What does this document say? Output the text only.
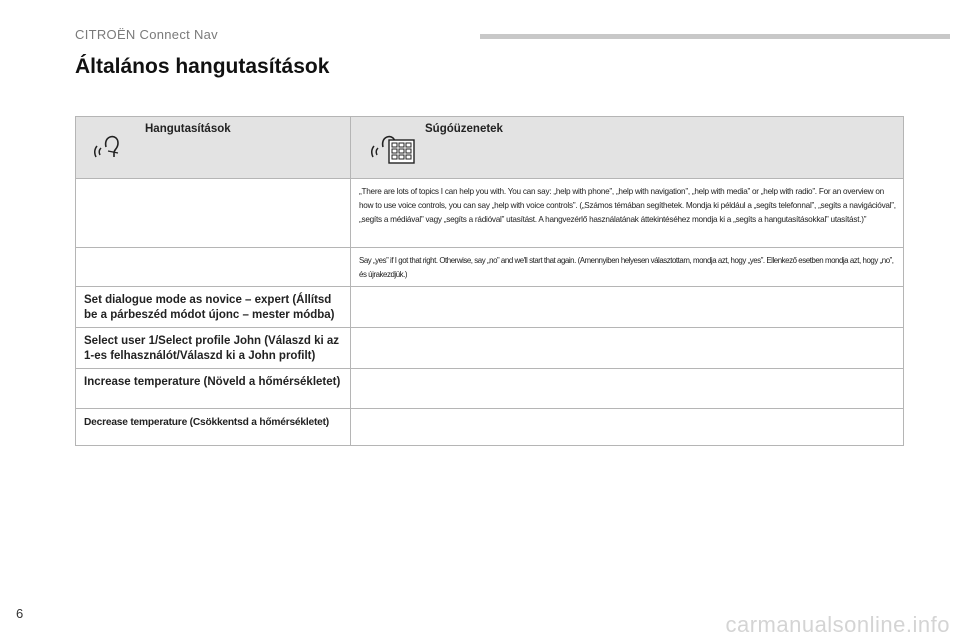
CITROËN Connect Nav
Általános hangutasítások
Hangutasítások	Súgóüzenetek

	„There are lots of topics I can help you with. You can say: „help with phone”, „help with navigation”, „help with media” or „help with radio”. For an overview on how to use voice controls, you can say „help with voice controls”. („Számos témában segíthetek. Mondja ki például a „segíts telefonnal”, „segíts a navigációval”, „segíts a médiával” vagy „segíts a rádióval” utasítást. A hangvezérlő használatának áttekintéséhez mondja ki a „segíts a hangutasításokkal” utasítást.)”

	Say „yes” if I got that right. Otherwise, say „no” and we'll start that again. (Amennyiben helyesen választottam, mondja azt, hogy „yes”. Ellenkező esetben mondja azt, hogy „no”, és újrakezdjük.)

Set dialogue mode as novice – expert (Állítsd be a párbeszéd módot újonc – mester módba)	

Select user 1/Select profile John (Válaszd ki az 1-es felhasználót/Válaszd ki a John profilt)	

Increase temperature (Növeld a hőmérsékletet)	

Decrease temperature (Csökkentsd a hőmérsékletet)	

6	carmanualsonline.info
